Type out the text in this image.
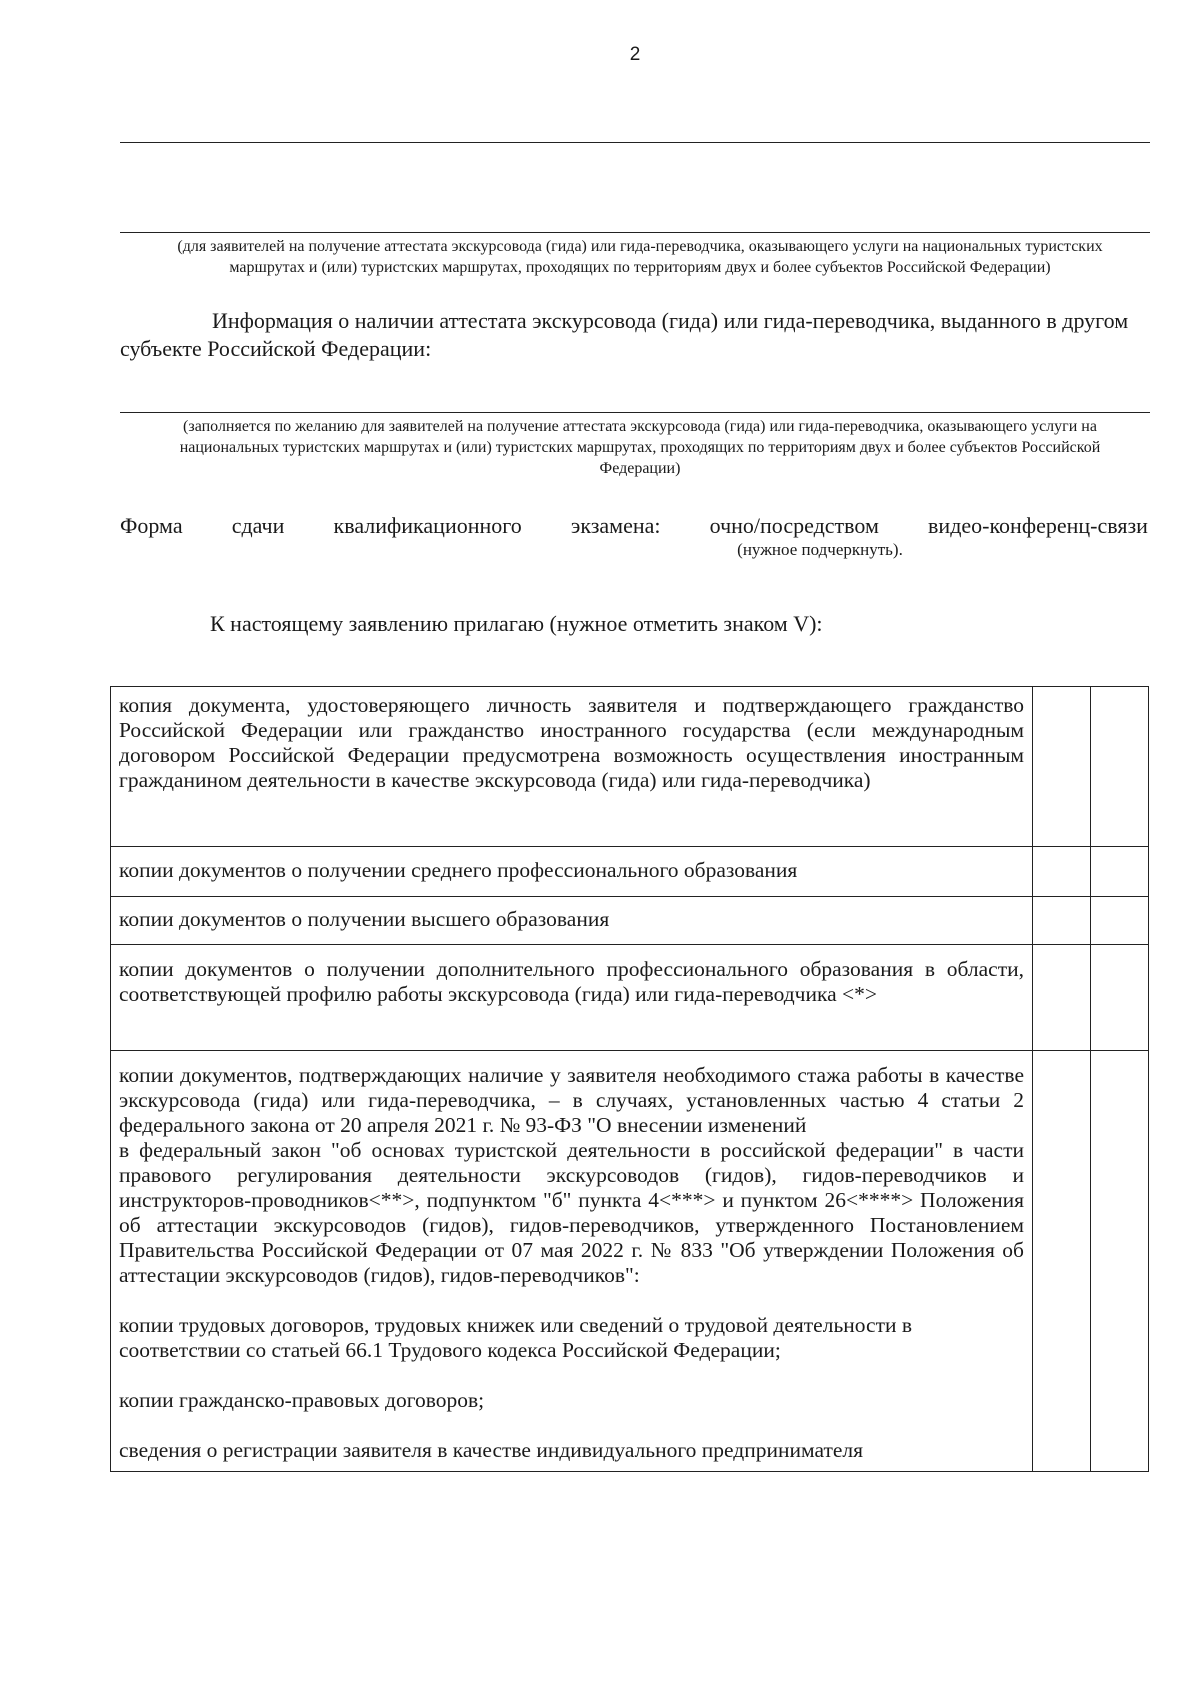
2
(для заявителей на получение аттестата экскурсовода (гида) или гида-переводчика, оказывающего услуги на национальных туристских маршрутах и (или) туристских маршрутах, проходящих по территориям двух и более субъектов Российской Федерации)
Информация о наличии аттестата экскурсовода (гида) или гида-переводчика, выданного в другом субъекте Российской Федерации:
(заполняется по желанию для заявителей на получение аттестата экскурсовода (гида) или гида-переводчика, оказывающего услуги на национальных туристских маршрутах и (или) туристских маршрутах, проходящих по территориям двух и более субъектов Российской Федерации)
Форма сдачи квалификационного экзамена: очно/посредством видео-конференц-связи
(нужное подчеркнуть).
К настоящему заявлению прилагаю (нужное отметить знаком V):
копия документа, удостоверяющего личность заявителя и подтверждающего гражданство Российской Федерации или гражданство иностранного государства (если международным договором Российской Федерации предусмотрена возможность осуществления иностранным гражданином деятельности в качестве экскурсовода (гида) или гида-переводчика)		
копии документов о получении среднего профессионального образования		
копии документов о получении высшего образования		
копии документов о получении дополнительного профессионального образования в области, соответствующей профилю работы экскурсовода (гида) или гида-переводчика <*>		

копии документов, подтверждающих наличие у заявителя необходимого стажа работы в качестве экскурсовода (гида) или гида-переводчика, – в случаях, установленных частью 4 статьи 2 федерального закона от 20 апреля 2021 г. № 93-ФЗ "О внесении изменений
в федеральный закон "об основах туристской деятельности в российской федерации" в части правового регулирования деятельности экскурсоводов (гидов), гидов-переводчиков и инструкторов-проводников<**>, подпунктом "б" пункта 4<***> и пунктом 26<****> Положения об аттестации экскурсоводов (гидов), гидов-переводчиков, утвержденного Постановлением Правительства Российской Федерации от 07 мая 2022 г. № 833 "Об утверждении Положения об аттестации экскурсоводов (гидов), гидов-переводчиков":
копии трудовых договоров, трудовых книжек или сведений о трудовой деятельности в соответствии со статьей 66.1 Трудового кодекса Российской Федерации;
копии гражданско-правовых договоров;
сведения о регистрации заявителя в качестве индивидуального предпринимателя		
